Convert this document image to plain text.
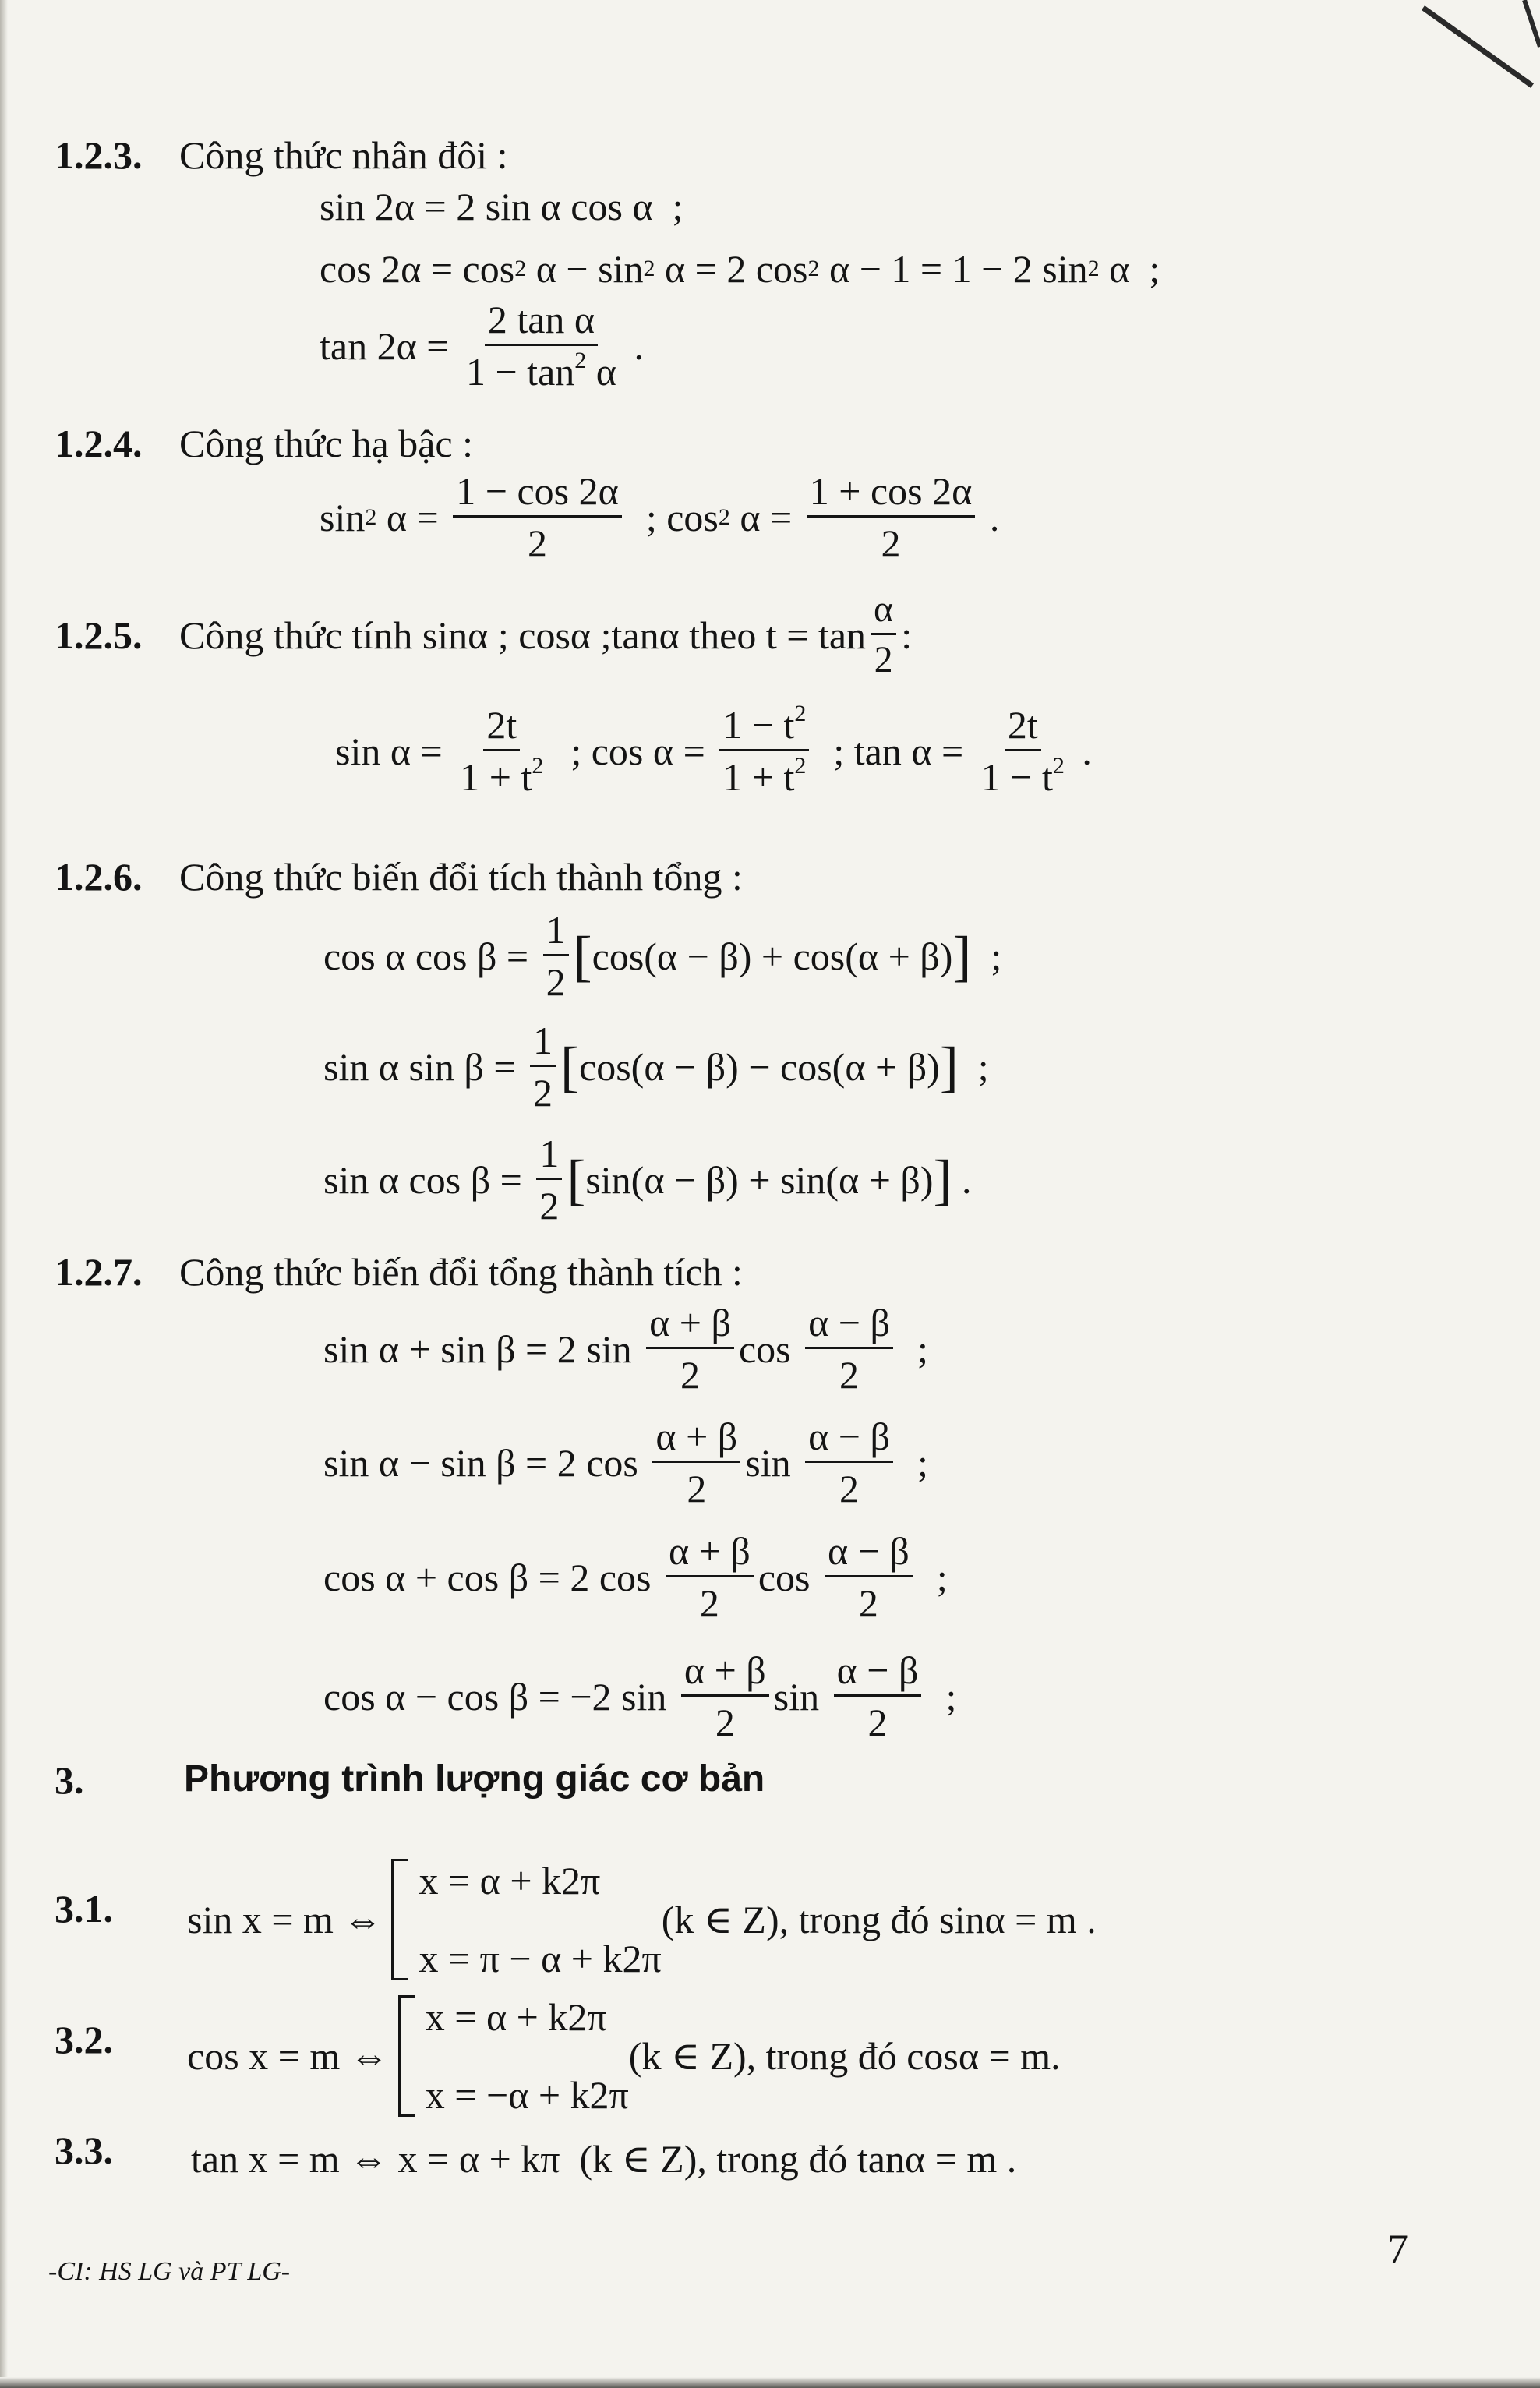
1.2.3. Công thức nhân đôi :
sin 2α = 2 sin α cos α  ;
cos 2α = cos 2 α − sin 2 α = 2 cos 2 α − 1 = 1 − 2 sin 2 α  ;
$\tan 2\alpha = \frac{\text{2 tan α}}{1 - \tan^2 \alpha}$ .
1.2.4. Công thức hạ bậc :
sin 2 $\alpha = \frac{1 - \cos 2\alpha}{2}$ ; cos 2 $\alpha = \frac{1 + \cos 2\alpha}{2}$ .
1.2.5. Công thức tính sinα ; cosα ;tanα theo $t = \tan \frac{\alpha}{2}$ :
$\sin \alpha = \frac{2t}{1 + t^2}$ ; $\cos \alpha = \frac{1 - t^2}{1 + t^2}$ ; $\tan \alpha = \frac{2t}{1 - t^2}$ .
1.2.6. Công thức biến đổi tích thành tổng :
cos α $\cos \beta = \frac{1}{2}$ [ cos(α − β) + cos(α + β) ] ;
sin α $\sin \beta = \frac{1}{2}$ [ cos(α − β) − cos(α + β) ] ;
sin α $\cos \beta = \frac{1}{2}$ [ sin(α − β) + sin(α + β) ] .
1.2.7. Công thức biến đổi tổng thành tích :
sin α + sin β = 2 $\sin \frac{\alpha + \beta}{2}$ $\cos \frac{\alpha - \beta}{2}$ ;
sin α − sin β = 2 $\cos \frac{\alpha + \beta}{2}$ $\sin \frac{\alpha - \beta}{2}$ ;
cos α + cos β = 2 $\cos \frac{\alpha + \beta}{2}$ $\cos \frac{\alpha - \beta}{2}$ ;
cos α − cos β = −2 $\sin \frac{\alpha + \beta}{2}$ $\sin \frac{\alpha - \beta}{2}$ ;
3.	Phương trình lượng giác cơ bản
3.1. sin x = m ⇔
x = α + k2π
x = π − α + k2π
(k ∈ Z), trong đó sinα = m .
3.2. cos x = m ⇔
x = α + k2π
x = −α + k2π
(k ∈ Z), trong đó cosα = m.
3.3. tan x = m ⇔ x = α + kπ (k ∈ Z), trong đó tanα = m .
-CI: HS LG và PT LG-	7
